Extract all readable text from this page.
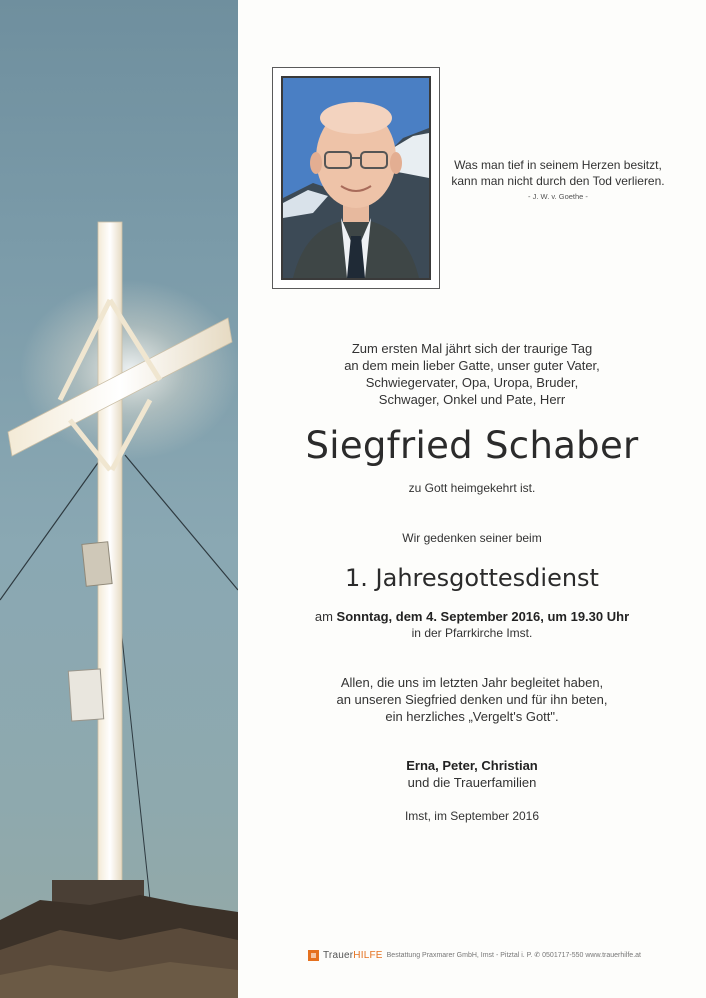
Was man tief in seinem Herzen besitzt,
kann man nicht durch den Tod verlieren.
- J. W. v. Goethe -
Zum ersten Mal jährt sich der traurige Tag
an dem mein lieber Gatte, unser guter Vater,
Schwiegervater, Opa, Uropa, Bruder,
Schwager, Onkel und Pate, Herr
Siegfried Schaber
zu Gott heimgekehrt ist.
Wir gedenken seiner beim
1. Jahresgottesdienst
am Sonntag, dem 4. September 2016, um 19.30 Uhr
in der Pfarrkirche Imst.
Allen, die uns im letzten Jahr begleitet haben,
an unseren Siegfried denken und für ihn beten,
ein herzliches „Vergelt's Gott".
Erna, Peter, Christian
und die Trauerfamilien
Imst, im September 2016
TrauerHILFE Bestattung Praxmarer GmbH, Imst - Pitztal i. P. ✆ 0501717-550 www.trauerhilfe.at
